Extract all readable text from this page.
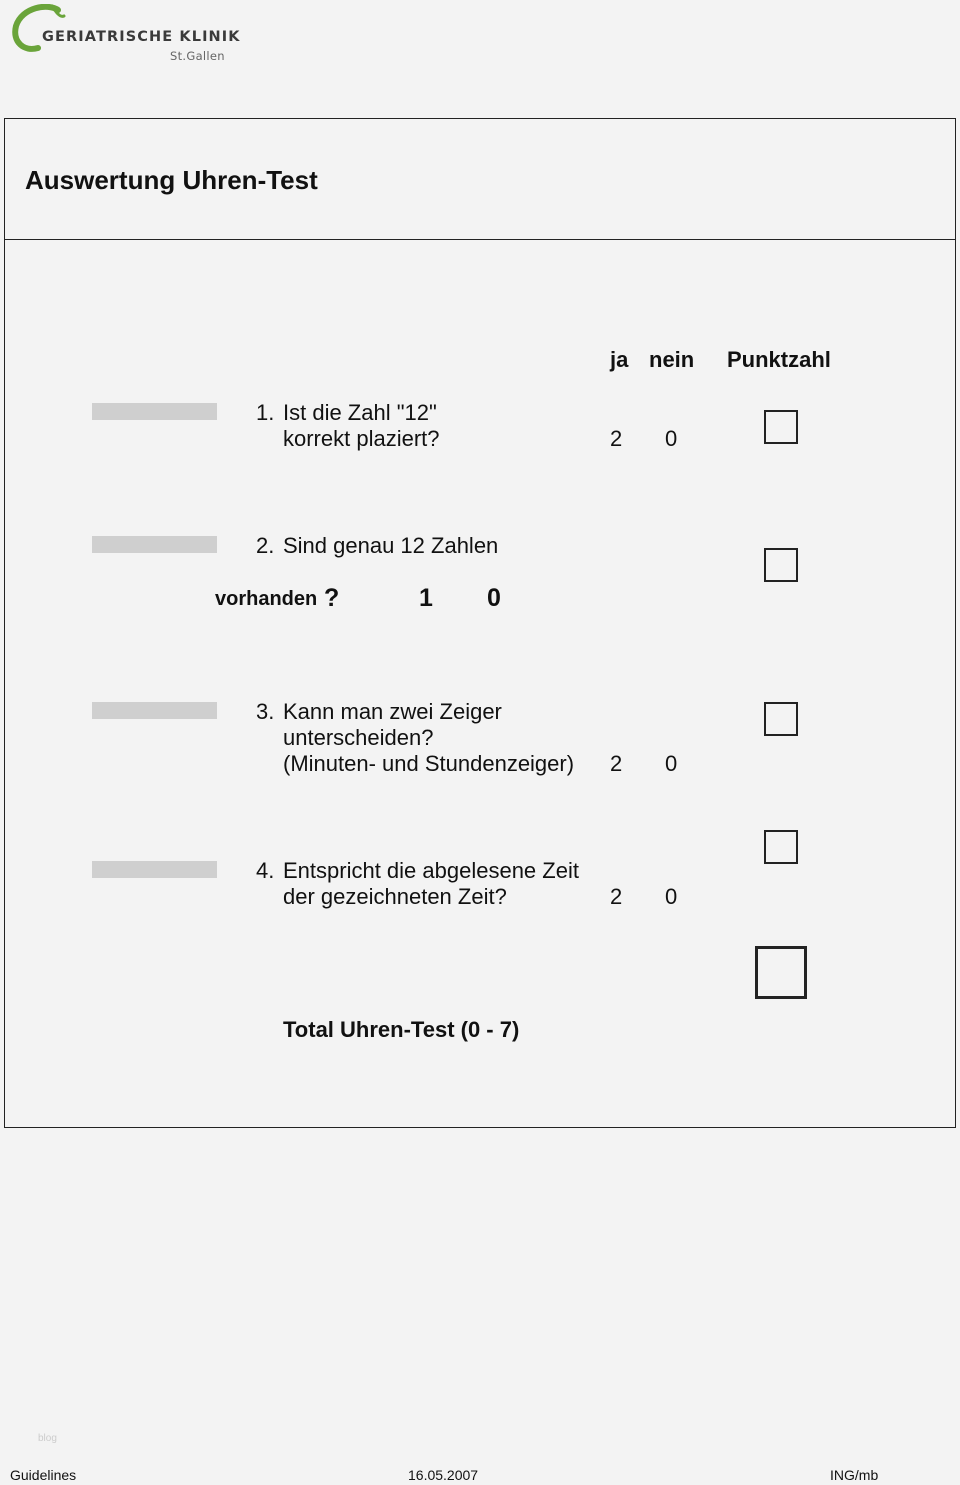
GERIATRISCHE KLINIK
St.Gallen
Auswertung Uhren-Test
ja nein Punktzahl
1. Ist die Zahl "12"
korrekt plaziert?	2 0
2. Sind genau 12 Zahlen
vorhanden ?	1 0
3. Kann man zwei Zeiger
unterscheiden?
(Minuten- und Stundenzeiger) 2 0
4. Entspricht die abgelesene Zeit
der gezeichneten Zeit?	2 0
Total Uhren-Test (0 - 7)
blog
Guidelines	16.05.2007	ING/mb
